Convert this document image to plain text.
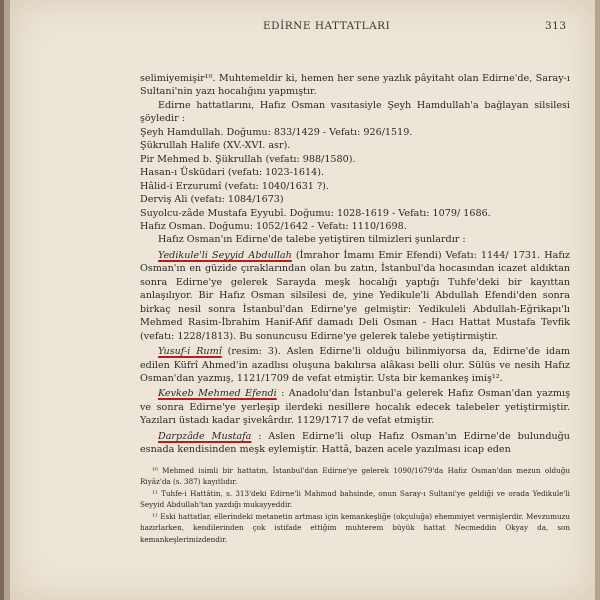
EDİRNE HATTATLARI	313

selimiyemişir¹⁰. Muhtemeldir ki, hemen her sene yazlık pâyitaht olan Edirne'de, Saray-ı Sultani'nin yazı hocalığını yapmıştır.

Edirne hattatlarını, Hafız Osman vasıtasiyle Şeyh Hamdullah'a bağlayan silsilesi şöyledir :

Şeyh Hamdullah. Doğumu: 833/1429 - Vefatı: 926/1519.

Şükrullah Halife (XV.-XVI. asr).

Pir Mehmed b. Şükrullah (vefatı: 988/1580).

Hasan-ı Üsküdari (vefatı: 1023-1614).

Hâlid-i Erzurumî (vefatı: 1040/1631 ?).

Derviş Ali (vefatı: 1084/1673)

Suyolcu-zâde Mustafa Eyyubî. Doğumu: 1028-1619 - Vefatı: 1079/ 1686.

Hafız Osman. Doğumu: 1052/1642 - Vefatı: 1110/1698.

Hafız Osman'ın Edirne'de talebe yetiştiren tilmizleri şunlardır :

Yedikule'li Seyyid Abdullah (İmrahor İmamı Emir Efendi) Vefatı: 1144/ 1731. Hafız Osman'ın en güzide çıraklarından olan bu zatın, İstanbul'da hocasından icazet aldıktan sonra Edirne'ye gelerek Sarayda meşk hocalığı yaptığı Tuhfe'deki bir kayıttan anlaşılıyor. Bir Hafız Osman silsilesi de, yine Yedikule'li Abdullah Efendi'den sonra birkaç nesil sonra İstanbul'dan Edirne'ye gelmiştir: Yedikuleli Abdullah-Eğrikapı'lı Mehmed Rasim-İbrahim Hanif-Afif damadı Deli Osman - Hacı Hattat Mustafa Tevfik (vefatı: 1228/1813). Bu sonuncusu Edirne'ye gelerek talebe yetiştirmiştir.

Yusuf-i Rumî (resim: 3). Aslen Edirne'li olduğu bilinmiyorsa da, Edirne'de idam edilen Küfrî Ahmed'in azadlısı oluşuna bakılırsa alâkası belli olur. Sülüs ve nesih Hafız Osman'dan yazmış, 1121/1709 de vefat etmiştir. Usta bir kemankeş imiş¹².

Kevkeb Mehmed Efendi : Anadolu'dan İstanbul'a gelerek Hafız Osman'dan yazmış ve sonra Edirne'ye yerleşip ilerdeki nesillere hocalık edecek talebeler yetiştirmiştir. Yazıları üstadı kadar şivekârdır. 1129/1717 de vefat etmiştir.

Darpzâde Mustafa : Aslen Edirne'li olup Hafız Osman'ın Edirne'de bulunduğu esnada kendisinden meşk eylemiştir. Hattâ, bazen acele yazılması icap eden

¹⁰ Mehmed isimli bir hattatın, İstanbul'dan Edirne'ye gelerek 1090/1679'da Hafız Osman'dan mezun olduğu Riyâz'da (s. 387) kayıtlıdır.

¹¹ Tuhfe-i Hattâtin, s. 313'deki Edirne'li Mahmud bahsinde, onun Saray-ı Sultani'ye geldiği ve orada Yedikule'li Seyyid Abdullah'tan yazdığı mukayyeddir.

¹² Eski hattatlar, ellerindeki metanetin artması için kemankeşliğe (okçuluğa) ehemmiyet vermişlerdir. Mevzumuzu hazırlarken, kendilerinden çok istifade ettiğim muhterem büyük hattat Necmeddin Okyay da, son kemankeşlerimizdendir.
